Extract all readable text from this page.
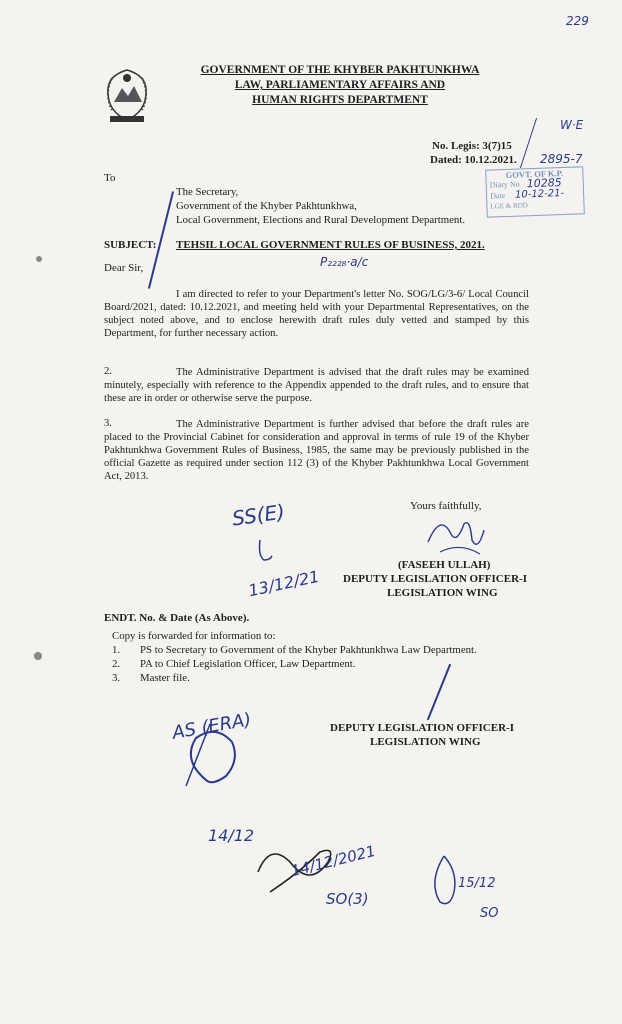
229
GOVERNMENT OF THE KHYBER PAKHTUNKHWA
LAW, PARLIAMENTARY AFFAIRS AND
HUMAN RIGHTS DEPARTMENT
No. Legis: 3(7)15
Dated: 10.12.2021.
W·E
2895-7
GOVT. OF K.P.
Diary No 10285
Date 10-12-21-
LGE & RDD
To
The Secretary,
Government of the Khyber Pakhtunkhwa,
Local Government, Elections and Rural Development Department.
SUBJECT: TEHSIL LOCAL GOVERNMENT RULES OF BUSINESS, 2021.
Dear Sir,	P₂₂₂₈·a/c
I am directed to refer to your Department's letter No. SOG/LG/3-6/ Local Council Board/2021, dated: 10.12.2021, and meeting held with your Departmental Representatives, on the subject noted above, and to enclose herewith draft rules duly vetted and stamped by this Department, for further necessary action.
2.	The Administrative Department is advised that the draft rules may be examined minutely, especially with reference to the Appendix appended to the draft rules, and to ensure that these are in order or otherwise serve the purpose.
3.	The Administrative Department is further advised that before the draft rules are placed to the Provincial Cabinet for consideration and approval in terms of rule 19 of the Khyber Pakhtunkhwa Government Rules of Business, 1985, the same may be previously published in the official Gazette as required under section 112 (3) of the Khyber Pakhtunkhwa Local Government Act, 2013.
Yours faithfully,
(FASEEH ULLAH)
DEPUTY LEGISLATION OFFICER-I
LEGISLATION WING
SS(E)
13/12/21
ENDT. No. & Date (As Above).
Copy is forwarded for information to:
1. PS to Secretary to Government of the Khyber Pakhtunkhwa Law Department.
2. PA to Chief Legislation Officer, Law Department.
3. Master file.
DEPUTY LEGISLATION OFFICER-I
LEGISLATION WING
AS (ERA)
14/12
14/12/2021
SO(3)
15/12
SO
